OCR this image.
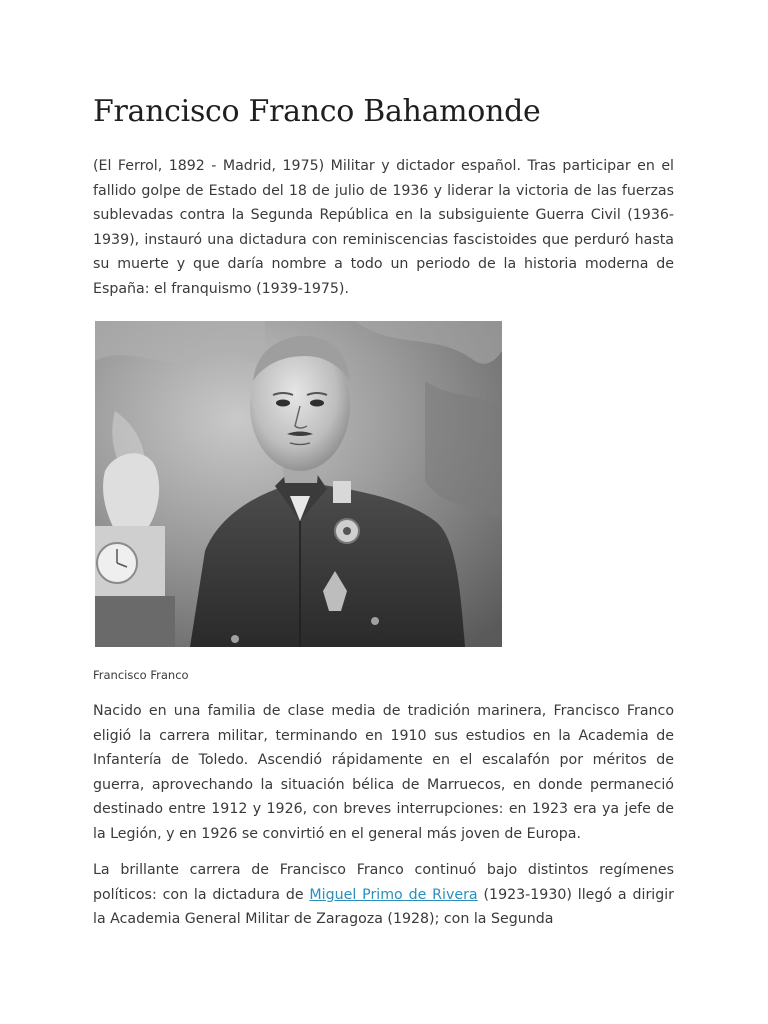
Francisco Franco Bahamonde

(El Ferrol, 1892 - Madrid, 1975) Militar y dictador español. Tras participar en el fallido golpe de Estado del 18 de julio de 1936 y liderar la victoria de las fuerzas sublevadas contra la Segunda República en la subsiguiente Guerra Civil (1936-1939), instauró una dictadura con reminiscencias fascistoides que perduró hasta su muerte y que daría nombre a todo un periodo de la historia moderna de España: el franquismo (1939-1975).

Francisco Franco

Nacido en una familia de clase media de tradición marinera, Francisco Franco eligió la carrera militar, terminando en 1910 sus estudios en la Academia de Infantería de Toledo. Ascendió rápidamente en el escalafón por méritos de guerra, aprovechando la situación bélica de Marruecos, en donde permaneció destinado entre 1912 y 1926, con breves interrupciones: en 1923 era ya jefe de la Legión, y en 1926 se convirtió en el general más joven de Europa.

La brillante carrera de Francisco Franco continuó bajo distintos regímenes políticos: con la dictadura de Miguel Primo de Rivera (1923-1930) llegó a dirigir la Academia General Militar de Zaragoza (1928); con la Segunda
